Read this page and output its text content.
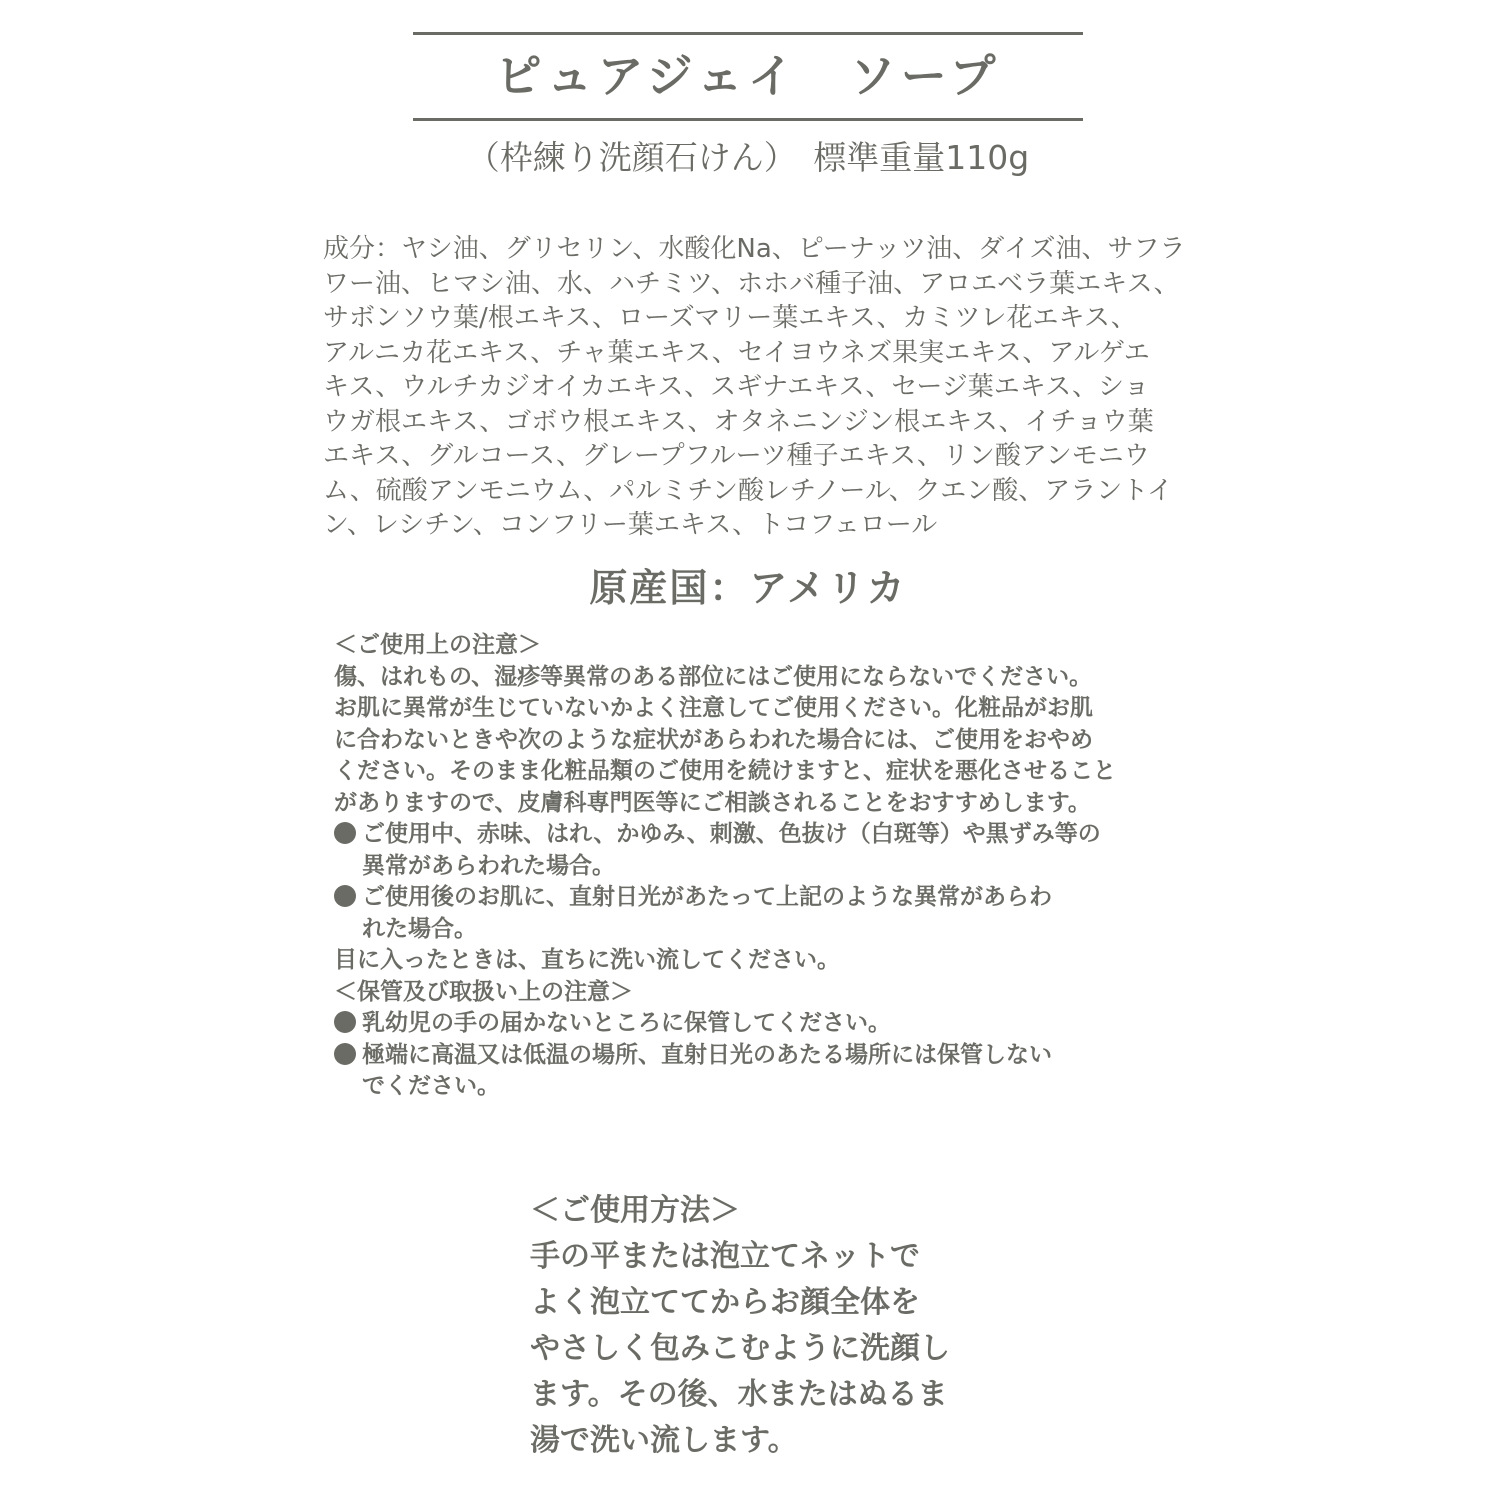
ピュアジェイ　ソープ
（枠練り洗顔石けん）　標準重量110g
成分：ヤシ油、グリセリン、水酸化Na、ピーナッツ油、ダイズ油、サフラ
ワー油、ヒマシ油、水、ハチミツ、ホホバ種子油、アロエベラ葉エキス、
サボンソウ葉/根エキス、ローズマリー葉エキス、カミツレ花エキス、
アルニカ花エキス、チャ葉エキス、セイヨウネズ果実エキス、アルゲエ
キス、ウルチカジオイカエキス、スギナエキス、セージ葉エキス、ショ
ウガ根エキス、ゴボウ根エキス、オタネニンジン根エキス、イチョウ葉
エキス、グルコース、グレープフルーツ種子エキス、リン酸アンモニウ
ム、硫酸アンモニウム、パルミチン酸レチノール、クエン酸、アラントイ
ン、レシチン、コンフリー葉エキス、トコフェロール
原産国：アメリカ
＜ご使用上の注意＞
傷、はれもの、湿疹等異常のある部位にはご使用にならないでください。
お肌に異常が生じていないかよく注意してご使用ください。化粧品がお肌
に合わないときや次のような症状があらわれた場合には、ご使用をおやめ
ください。そのまま化粧品類のご使用を続けますと、症状を悪化させること
がありますので、皮膚科専門医等にご相談されることをおすすめします。
ご使用中、赤味、はれ、かゆみ、刺激、色抜け（白斑等）や黒ずみ等の
異常があらわれた場合。
ご使用後のお肌に、直射日光があたって上記のような異常があらわ
れた場合。
目に入ったときは、直ちに洗い流してください。
＜保管及び取扱い上の注意＞
乳幼児の手の届かないところに保管してください。
極端に高温又は低温の場所、直射日光のあたる場所には保管しない
でください。
＜ご使用方法＞
手の平または泡立てネットで
よく泡立ててからお顔全体を
やさしく包みこむように洗顔し
ます。その後、水またはぬるま
湯で洗い流します。
